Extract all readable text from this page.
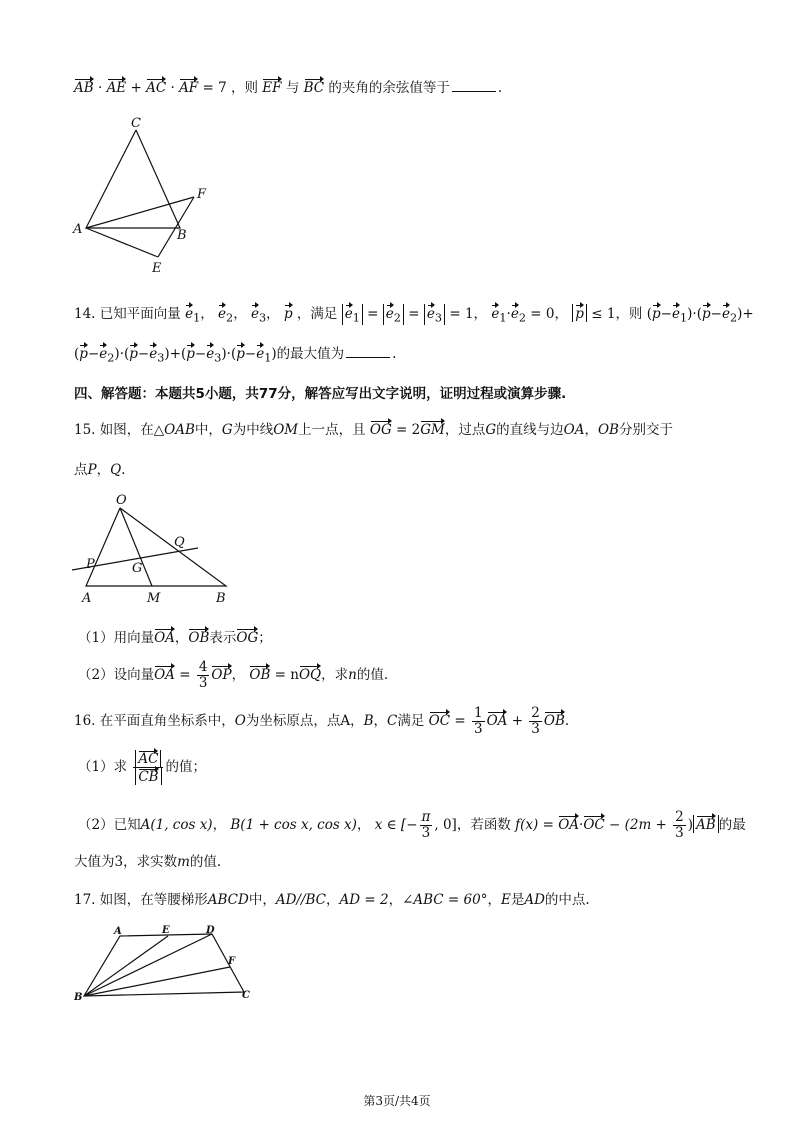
AB · AE + AC · AF = 7 ，则 EF 与 BC 的夹角的余弦值等于	.
C
F
A	B
E
14. 已知平面向量 $e_1$， $e_2$， $e_3$， p ，满足 $e_1 = e_2 = e_3 = 1$， $e_1\cdot e_2 = 0$， p ≤ 1，则 $(p-e_1)\cdot(p-e_2)+$
$(p-e_2)\cdot(p-e_3)+(p-e_3)\cdot(p-e_1)$的最大值为	.
四、解答题：本题共5小题，共77分，解答应写出文字说明，证明过程或演算步骤.
15. 如图，在△OAB中，G为中线OM上一点，且 OG = 2GM，过点G的直线与边OA，OB分别交于
点P，Q.
O
Q
P	G
A	M	B
（1）用向量OA，OB表示OG；
（2）设向量OA = $\frac{4}{3}$ OP， OB = nOQ，求n的值.
16. 在平面直角坐标系中，O为坐标原点，点A，B，C满足 OC = $\frac{1}{3}$ OA + $\frac{2}{3}$ OB.
（1）求 $\frac{AC}{CB}$ 的值；
（2）已知A(1, cos x)， B(1 + cos x, cos x)， x ∈ [− $\frac{\pi}{3}$ , 0]，若函数 $f(x) = OA\cdot OC - (2m + \frac{2}{3}$ ) AB 的最
大值为3，求实数m的值.
17. 如图，在等腰梯形ABCD中，AD//BC，AD = 2，∠ABC = 60°，E是AD的中点.
A	E	D
F
B	C
第3页/共4页
